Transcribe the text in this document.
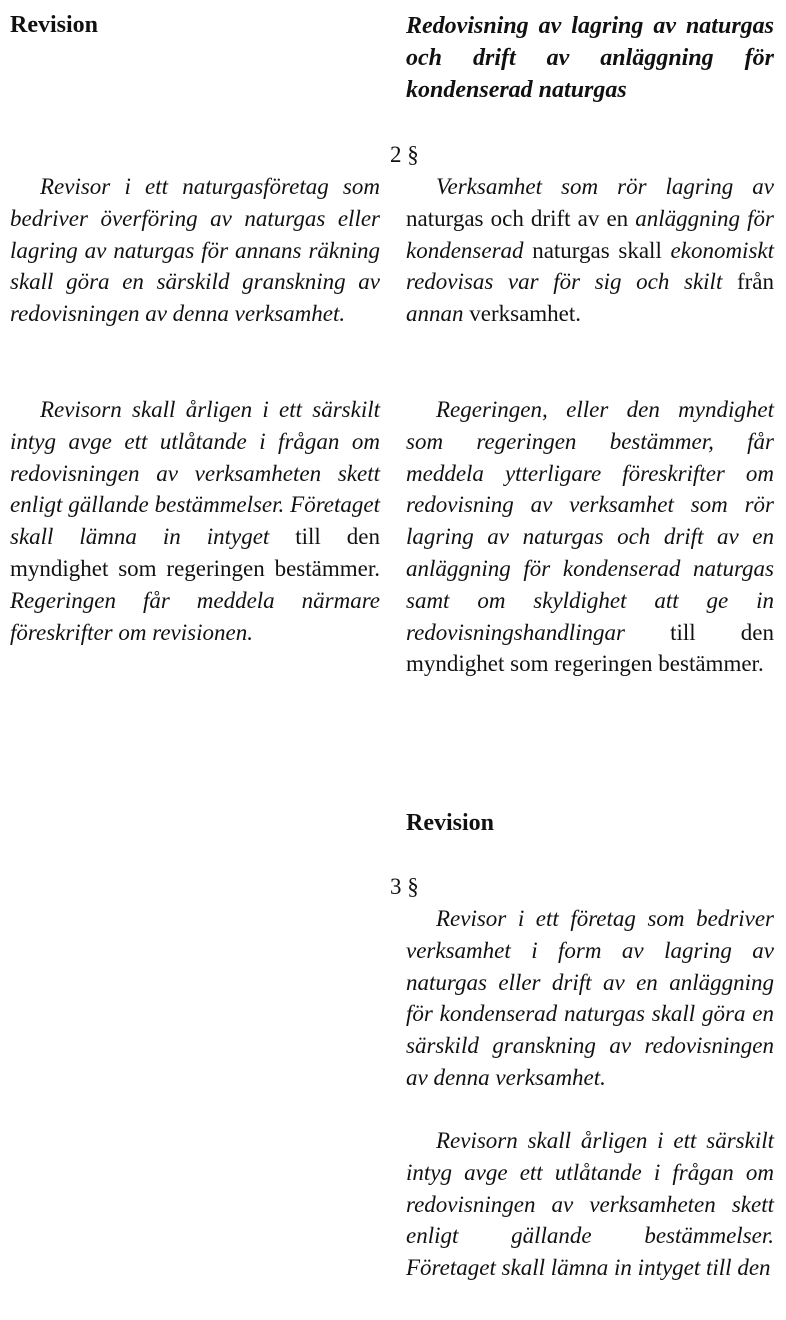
Revision

Revisor i ett naturgasföretag som bedriver överföring av naturgas eller lagring av naturgas för annans räkning skall göra en särskild granskning av redovisningen av denna verksamhet.

Revisorn skall årligen i ett särskilt intyg avge ett utlåtande i frågan om redovisningen av verksamheten skett enligt gällande bestämmelser. Företaget skall lämna in intyget till den myndighet som regeringen bestämmer. Regeringen får meddela närmare föreskrifter om revisionen.

Redovisning av lagring av naturgas och drift av anläggning för kondenserad naturgas

2 §

Verksamhet som rör lagring av naturgas och drift av en anläggning för kondenserad naturgas skall ekonomiskt redovisas var för sig och skilt från annan verksamhet.

Regeringen, eller den myndighet som regeringen bestämmer, får meddela ytterligare föreskrifter om redovisning av verksamhet som rör lagring av naturgas och drift av en anläggning för kondenserad naturgas samt om skyldighet att ge in redovisningshandlingar till den myndighet som regeringen bestämmer.

Revision

3 §

Revisor i ett företag som bedriver verksamhet i form av lagring av naturgas eller drift av en anläggning för kondenserad naturgas skall göra en särskild granskning av redovisningen av denna verksamhet.

Revisorn skall årligen i ett särskilt intyg avge ett utlåtande i frågan om redovisningen av verksamheten skett enligt gällande bestämmelser. Företaget skall lämna in intyget till den
